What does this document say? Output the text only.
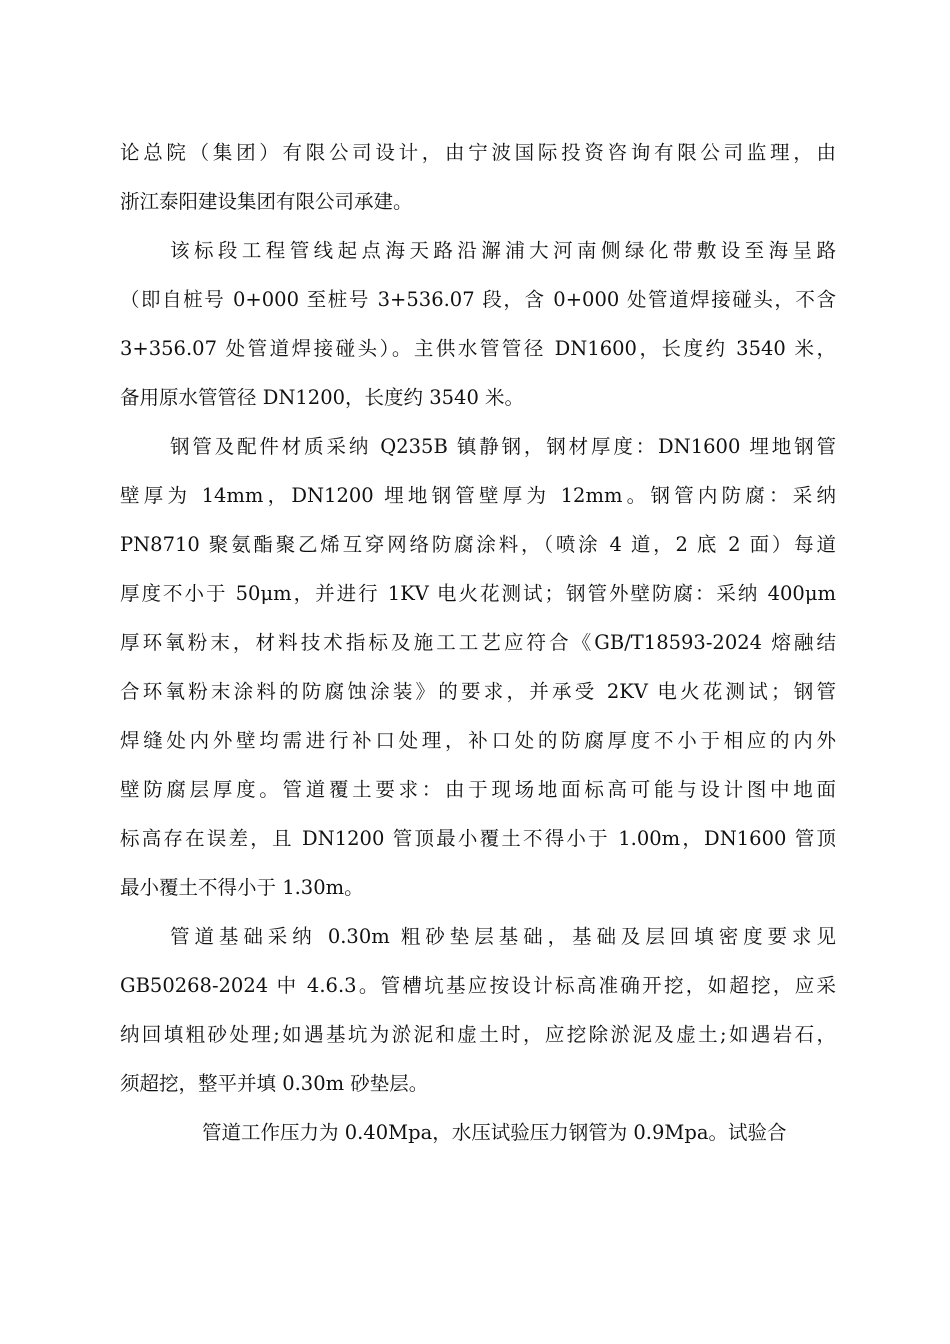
论总院（集团）有限公司设计，由宁波国际投资咨询有限公司监理，由
浙江泰阳建设集团有限公司承建。
该标段工程管线起点海天路沿澥浦大河南侧绿化带敷设至海呈路
（即自桩号 0+000 至桩号 3+536.07 段，含 0+000 处管道焊接碰头，不含
3+356.07 处管道焊接碰头）。主供水管管径 DN1600，长度约 3540 米，
备用原水管管径 DN1200，长度约 3540 米。
钢管及配件材质采纳 Q235B 镇静钢，钢材厚度：DN1600 埋地钢管
壁厚为 14mm，DN1200 埋地钢管壁厚为 12mm。钢管内防腐：采纳
PN8710 聚氨酯聚乙烯互穿网络防腐涂料，（喷涂 4 道，2 底 2 面）每道
厚度不小于 50μm，并进行 1KV 电火花测试；钢管外壁防腐：采纳 400μm
厚环氧粉末，材料技术指标及施工工艺应符合《GB/T18593-2024 熔融结
合环氧粉末涂料的防腐蚀涂装》的要求，并承受 2KV 电火花测试；钢管
焊缝处内外壁均需进行补口处理，补口处的防腐厚度不小于相应的内外
壁防腐层厚度。管道覆土要求：由于现场地面标高可能与设计图中地面
标高存在误差，且 DN1200 管顶最小覆土不得小于 1.00m，DN1600 管顶
最小覆土不得小于 1.30m。
管道基础采纳 0.30m 粗砂垫层基础，基础及层回填密度要求见
GB50268-2024 中 4.6.3。管槽坑基应按设计标高准确开挖，如超挖，应采
纳回填粗砂处理;如遇基坑为淤泥和虚土时，应挖除淤泥及虚土;如遇岩石，
须超挖，整平并填 0.30m 砂垫层。
管道工作压力为 0.40Mpa，水压试验压力钢管为 0.9Mpa。试验合
